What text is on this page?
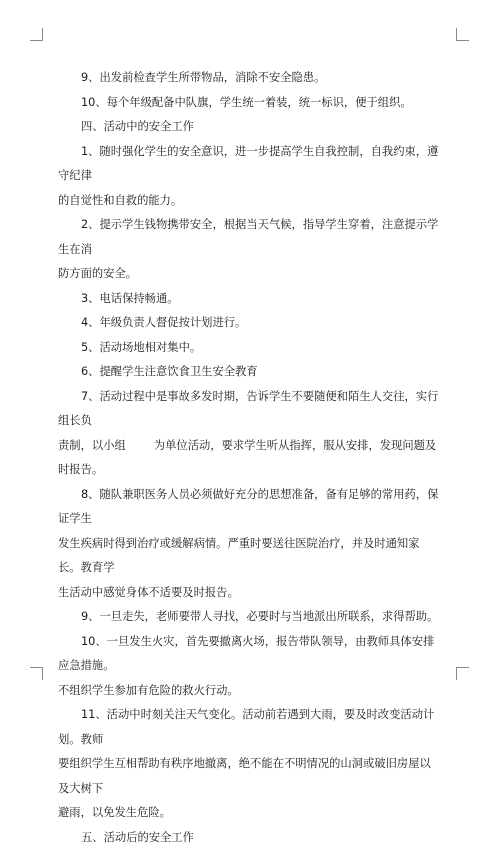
9、出发前检查学生所带物品，消除不安全隐患。

10、每个年级配备中队旗，学生统一着装，统一标识，便于组织。

四、活动中的安全工作

1、随时强化学生的安全意识，进一步提高学生自我控制，自我约束，遵守纪律

的自觉性和自救的能力。

2、提示学生钱物携带安全，根据当天气候，指导学生穿着，注意提示学生在消

防方面的安全。

3、电话保持畅通。

4、年级负责人督促按计划进行。

5、活动场地相对集中。

6、提醒学生注意饮食卫生安全教育

7、活动过程中是事故多发时期，告诉学生不要随便和陌生人交往，实行组长负

责制，以小组 为单位活动，要求学生听从指挥，服从安排，发现问题及时报告。

8、随队兼职医务人员必须做好充分的思想准备，备有足够的常用药，保证学生

发生疾病时得到治疗或缓解病情。严重时要送往医院治疗，并及时通知家长。教育学

生活动中感觉身体不适要及时报告。

9、一旦走失，老师要带人寻找，必要时与当地派出所联系，求得帮助。

10、一旦发生火灾，首先要撤离火场，报告带队领导，由教师具体安排应急措施。

不组织学生参加有危险的救火行动。

11、活动中时刻关注天气变化。活动前若遇到大雨，要及时改变活动计划。教师

要组织学生互相帮助有秩序地撤离，绝不能在不明情况的山洞或破旧房屋以及大树下

避雨，以免发生危险。

五、活动后的安全工作
